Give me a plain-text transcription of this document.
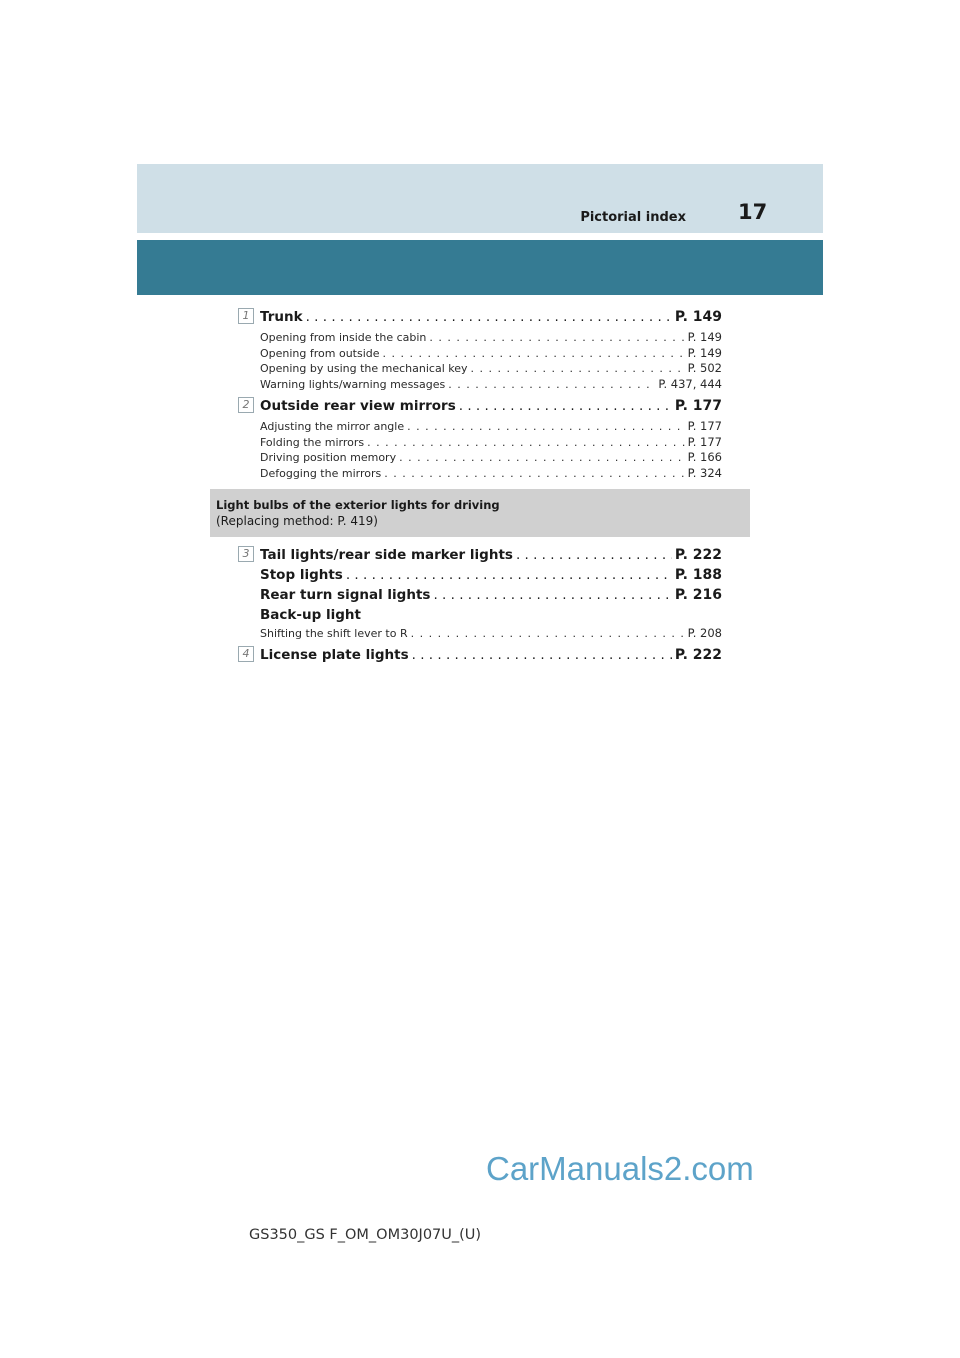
Pictorial index 17
1 Trunk . . .	P. 149
Opening from inside the cabin . . .	P. 149
Opening from outside . . .	P. 149
Opening by using the mechanical key . . .	P. 502
Warning lights/warning messages . . .	P. 437, 444
2 Outside rear view mirrors . . .	P. 177
Adjusting the mirror angle . . .	P. 177
Folding the mirrors . . .	P. 177
Driving position memory . . .	P. 166
Defogging the mirrors . . .	P. 324
Light bulbs of the exterior lights for driving
(Replacing method: P. 419)
3 Tail lights/rear side marker lights . . .	P. 222
Stop lights . . .	P. 188
Rear turn signal lights . . .	P. 216
Back-up light
Shifting the shift lever to R . . .	P. 208
4 License plate lights . . .	P. 222
CarManuals2.com
GS350_GS F_OM_OM30J07U_(U)
